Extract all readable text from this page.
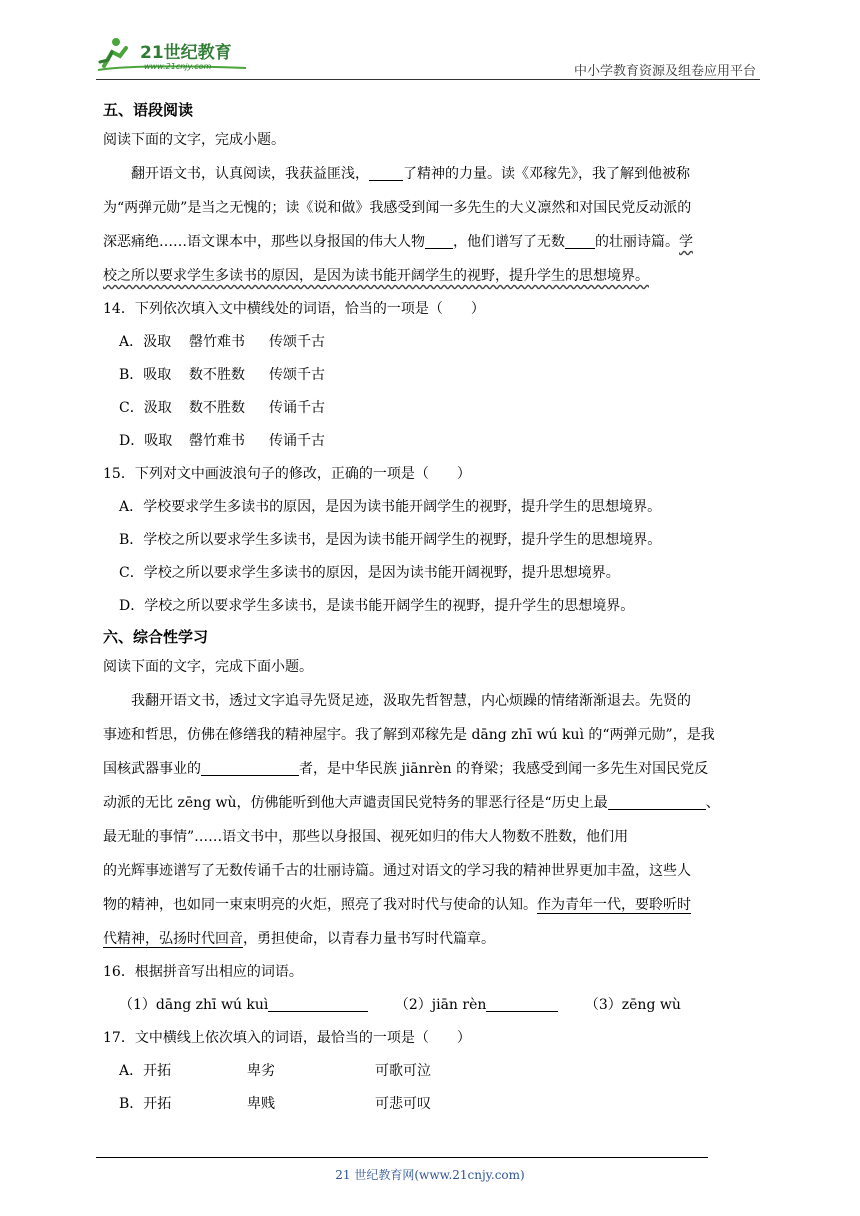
21世纪教育
www.21cnjy.com	中小学教育资源及组卷应用平台
五、语段阅读
阅读下面的文字，完成小题。
翻开语文书，认真阅读，我获益匪浅， 了精神的力量。读《邓稼先》，我了解到他被称
为“两弹元勋”是当之无愧的；读《说和做》我感受到闻一多先生的大义凛然和对国民党反动派的
深恶痛绝……语文课本中，那些以身报国的伟大人物 ，他们谱写了无数 的壮丽诗篇。学
校之所以要求学生多读书的原因，是因为读书能开阔学生的视野，提升学生的思想境界。
14．下列依次填入文中横线处的词语，恰当的一项是（　　）
A．汲取 罄竹难书 传颂千古
B．吸取 数不胜数 传颂千古
C．汲取 数不胜数 传诵千古
D．吸取 罄竹难书 传诵千古
15．下列对文中画波浪句子的修改，正确的一项是（　　）
A．学校要求学生多读书的原因，是因为读书能开阔学生的视野，提升学生的思想境界。
B．学校之所以要求学生多读书，是因为读书能开阔学生的视野，提升学生的思想境界。
C．学校之所以要求学生多读书的原因，是因为读书能开阔视野，提升思想境界。
D．学校之所以要求学生多读书，是读书能开阔学生的视野，提升学生的思想境界。
六、综合性学习
阅读下面的文字，完成下面小题。
我翻开语文书，透过文字追寻先贤足迹，汲取先哲智慧，内心烦躁的情绪渐渐退去。先贤的
事迹和哲思，仿佛在修缮我的精神屋宇。我了解到邓稼先是 dāng zhī wú kuì 的“两弹元勋”，是我
国核武器事业的	者，是中华民族 jiānrèn 的脊梁；我感受到闻一多先生对国民党反
动派的无比 zēng wù，仿佛能听到他大声谴责国民党特务的罪恶行径是“历史上最	、
最无耻的事情”……语文书中，那些以身报国、视死如归的伟大人物数不胜数，他们用
的光辉事迹谱写了无数传诵千古的壮丽诗篇。通过对语文的学习我的精神世界更加丰盈，这些人
物的精神，也如同一束束明亮的火炬，照亮了我对时代与使命的认知。作为青年一代，要聆听时
代精神，弘扬时代回音，勇担使命，以青春力量书写时代篇章。
16．根据拼音写出相应的词语。
（1）dāng zhī wú kuì	（2）jiān rèn	（3）zēng wù
17．文中横线上依次填入的词语，最恰当的一项是（　　）
A．开拓	卑劣	可歌可泣
B．开拓	卑贱	可悲可叹
21 世纪教育网(www.21cnjy.com)
